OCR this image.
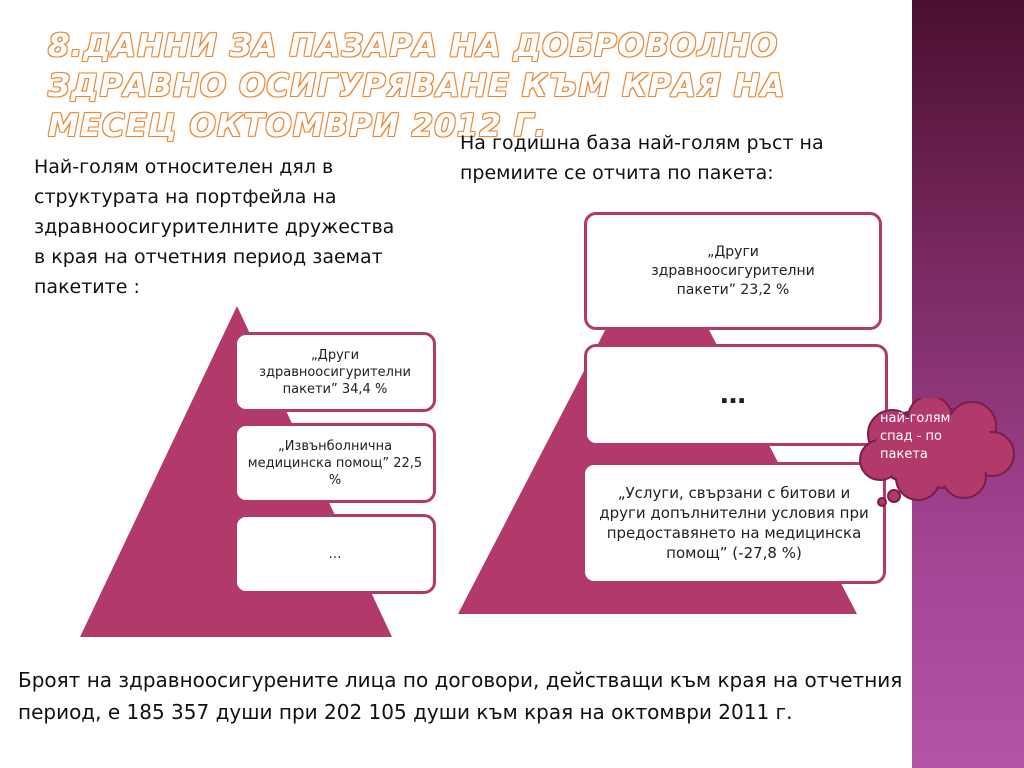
8.ДАННИ ЗА ПАЗАРА НА ДОБРОВОЛНО ЗДРАВНО ОСИГУРЯВАНЕ КЪМ КРАЯ НА МЕСЕЦ ОКТОМВРИ 2012 Г.
Най-голям относителен дял в структурата на портфейла на здравноосигурителните дружества в края на отчетния период заемат пакетите :
На годишна база най-голям ръст на премиите се отчита по пакета:
„Други здравноосигурителни пакети” 34,4 %
„Извънболнична медицинска помощ” 22,5 %
…
„Други здравноосигурителни пакети” 23,2 %
…
„Услуги, свързани с битови и други допълнителни условия при предоставянето на медицинска помощ” (-27,8 %)
най-голям спад - по пакета
Броят на здравноосигурените лица по договори, действащи към края на отчетния период, е 185 357 души при 202 105 души към края на октомври 2011 г.
